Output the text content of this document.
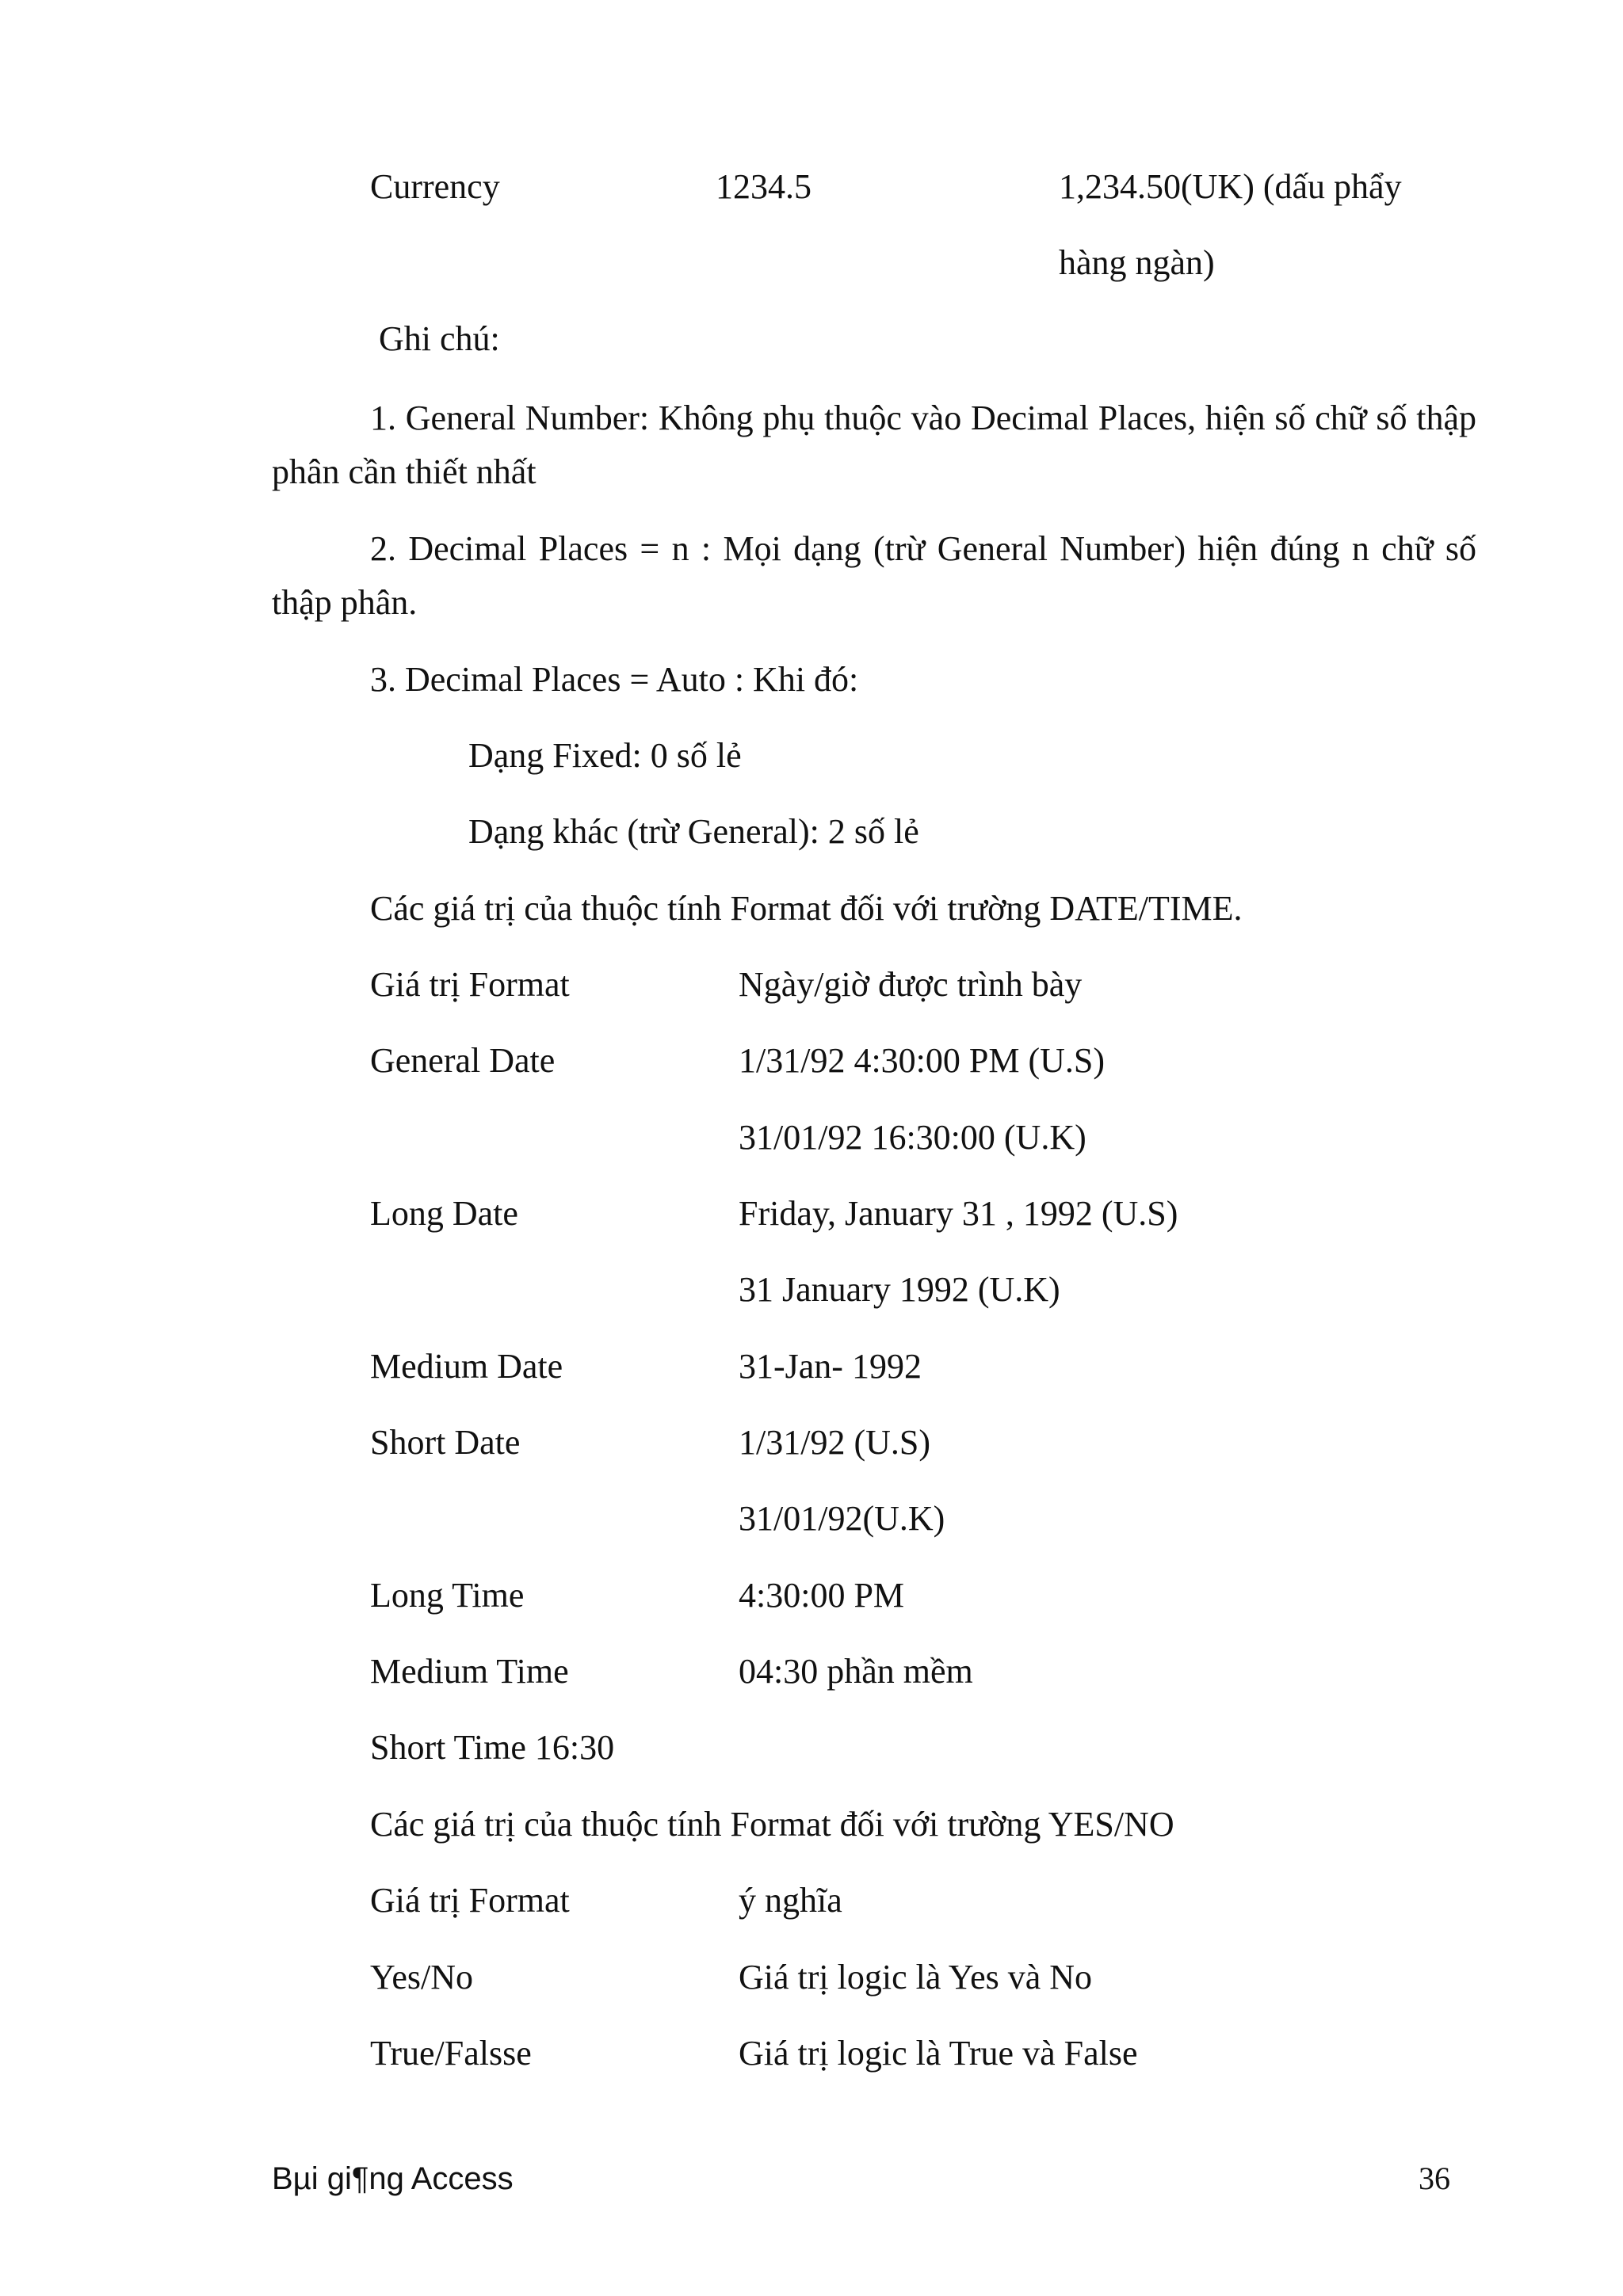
Currency	1234.5	1,234.50(UK) (dấu phẩy
hàng ngàn)
Ghi chú:
1. General Number: Không phụ thuộc vào Decimal Places, hiện số chữ số thập phân cần thiết nhất
2. Decimal Places = n : Mọi dạng (trừ General Number) hiện đúng n chữ số thập phân.
3. Decimal Places = Auto : Khi đó:
Dạng Fixed: 0 số lẻ
Dạng khác (trừ General): 2 số lẻ
Các giá trị của thuộc tính Format đối với trường DATE/TIME.
Giá trị Format	Ngày/giờ được trình bày
General Date	1/31/92 4:30:00 PM (U.S)
31/01/92 16:30:00 (U.K)
Long Date	Friday, January 31 , 1992 (U.S)
31 January 1992 (U.K)
Medium Date	31-Jan- 1992
Short Date	1/31/92 (U.S)
31/01/92(U.K)
Long Time	4:30:00 PM
Medium Time	04:30 phần mềm
Short Time 16:30
Các giá trị của thuộc tính Format đối với trường YES/NO
Giá trị Format	ý nghĩa
Yes/No	Giá trị logic là Yes và No
True/Falsse	Giá trị logic là True và False
Bµi gi¶ng Access	36
